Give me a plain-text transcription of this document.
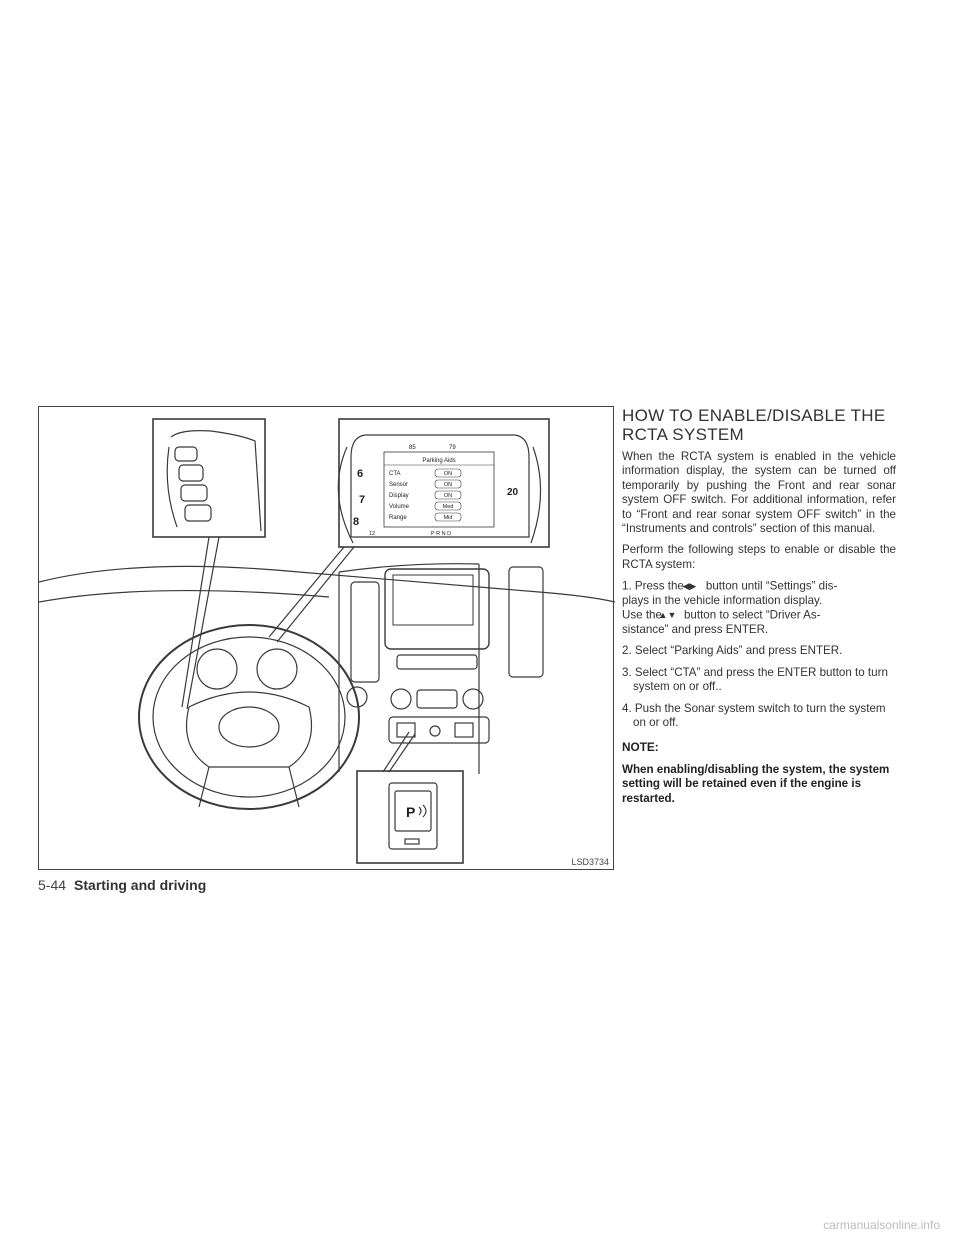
Parking Aids
CTA
Sensor
Display
Volume
Range
ON
ON
ON
Med
Mid
6
7
8
20
85	79
12	P R N D
P
LSD3734
HOW TO ENABLE/DISABLE THE
RCTA SYSTEM

When the RCTA system is enabled in the vehicle information display, the system can be turned off temporarily by pushing the Front and rear sonar system OFF switch. For additional information, refer to “Front and rear sonar system OFF switch” in the “Instruments and controls” section of this manual.

Perform the following steps to enable or disable the RCTA system:

1. Press the◀▶ button until “Settings” dis-
plays in the vehicle information display.
Use the▲▼ button to select “Driver As-
sistance” and press ENTER.

2. Select “Parking Aids” and press ENTER.

3. Select “CTA” and press the ENTER button to turn system on or off..

4. Push the Sonar system switch to turn the system on or off.

NOTE:

When enabling/disabling the system, the system setting will be retained even if the engine is restarted.

5-44 Starting and driving
carmanualsonline.info
